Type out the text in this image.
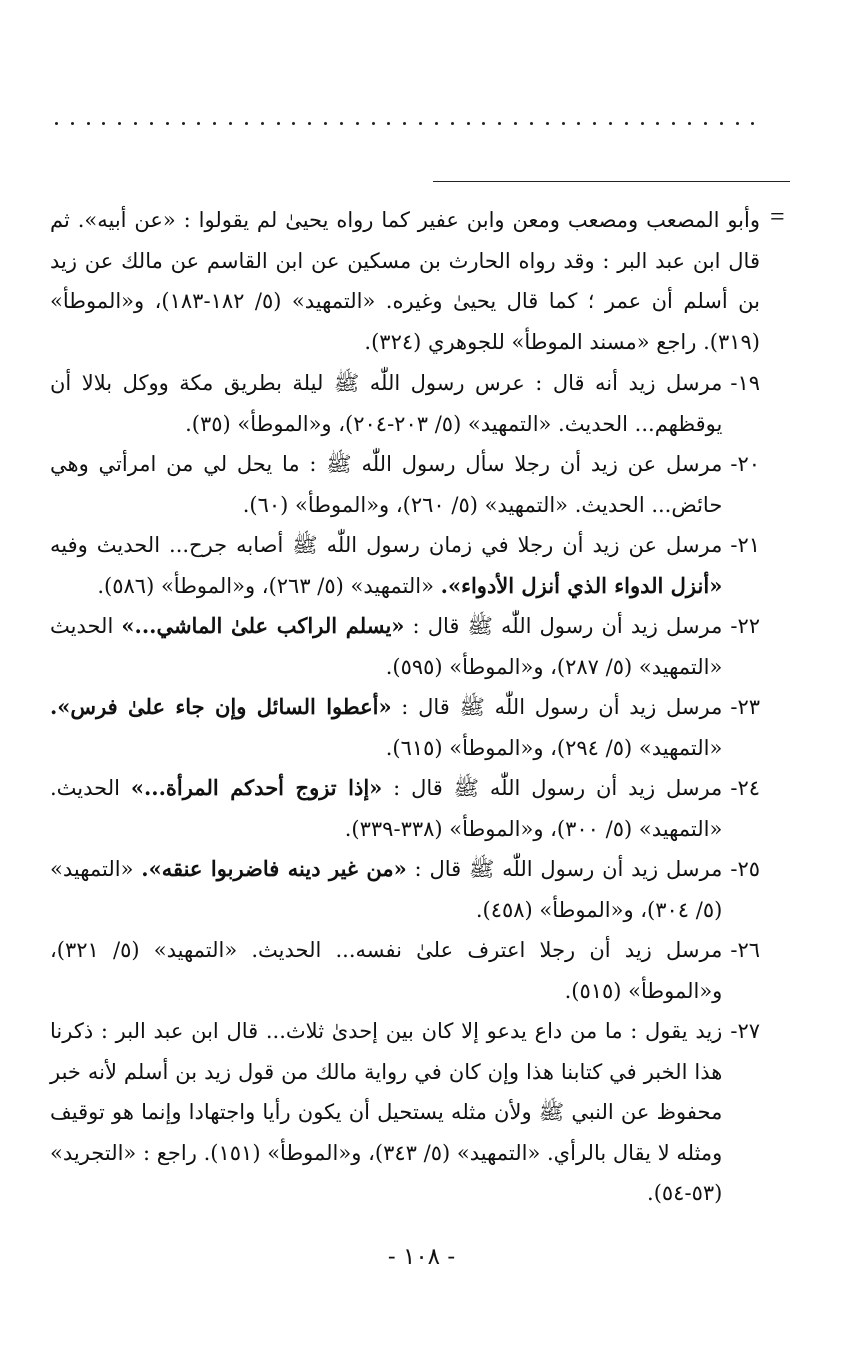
=

وأبو المصعب ومصعب ومعن وابن عفير كما رواه يحيىٰ لم يقولوا : «عن أبيه». ثم قال ابن عبد البر : وقد رواه الحارث بن مسكين عن ابن القاسم عن مالك عن زيد بن أسلم أن عمر ؛ كما قال يحيىٰ وغيره. «التمهيد» (٥/ ١٨٢-١٨٣)، و«الموطأ» (٣١٩). راجع «مسند الموطأ» للجوهري (٣٢٤).

١٩-
مرسل زيد أنه قال : عرس رسول اللّٰه ﷺ ليلة بطريق مكة ووكل بلالا أن يوقظهم... الحديث. «التمهيد» (٥/ ٢٠٣-٢٠٤)، و«الموطأ» (٣٥).
٢٠-
مرسل عن زيد أن رجلا سأل رسول اللّٰه ﷺ : ما يحل لي من امرأتي وهي حائض... الحديث. «التمهيد» (٥/ ٢٦٠)، و«الموطأ» (٦٠).
٢١-
مرسل عن زيد أن رجلا في زمان رسول اللّٰه ﷺ أصابه جرح... الحديث وفيه «أنزل الدواء الذي أنزل الأدواء». «التمهيد» (٥/ ٢٦٣)، و«الموطأ» (٥٨٦).
٢٢-
مرسل زيد أن رسول اللّٰه ﷺ قال : «يسلم الراكب علىٰ الماشي...» الحديث «التمهيد» (٥/ ٢٨٧)، و«الموطأ» (٥٩٥).
٢٣-
مرسل زيد أن رسول اللّٰه ﷺ قال : «أعطوا السائل وإن جاء علىٰ فرس». «التمهيد» (٥/ ٢٩٤)، و«الموطأ» (٦١٥).
٢٤-
مرسل زيد أن رسول اللّٰه ﷺ قال : «إذا تزوج أحدكم المرأة...» الحديث. «التمهيد» (٥/ ٣٠٠)، و«الموطأ» (٣٣٨-٣٣٩).
٢٥-
مرسل زيد أن رسول اللّٰه ﷺ قال : «من غير دينه فاضربوا عنقه». «التمهيد» (٥/ ٣٠٤)، و«الموطأ» (٤٥٨).
٢٦-
مرسل زيد أن رجلا اعترف علىٰ نفسه... الحديث. «التمهيد» (٥/ ٣٢١)، و«الموطأ» (٥١٥).
٢٧-
زيد يقول : ما من داع يدعو إلا كان بين إحدىٰ ثلاث... قال ابن عبد البر : ذكرنا هذا الخبر في كتابنا هذا وإن كان في رواية مالك من قول زيد بن أسلم لأنه خبر محفوظ عن النبي ﷺ ولأن مثله يستحيل أن يكون رأيا واجتهادا وإنما هو توقيف ومثله لا يقال بالرأي. «التمهيد» (٥/ ٣٤٣)، و«الموطأ» (١٥١). راجع : «التجريد» (٥٣-٥٤).
- ١٠٨ -
